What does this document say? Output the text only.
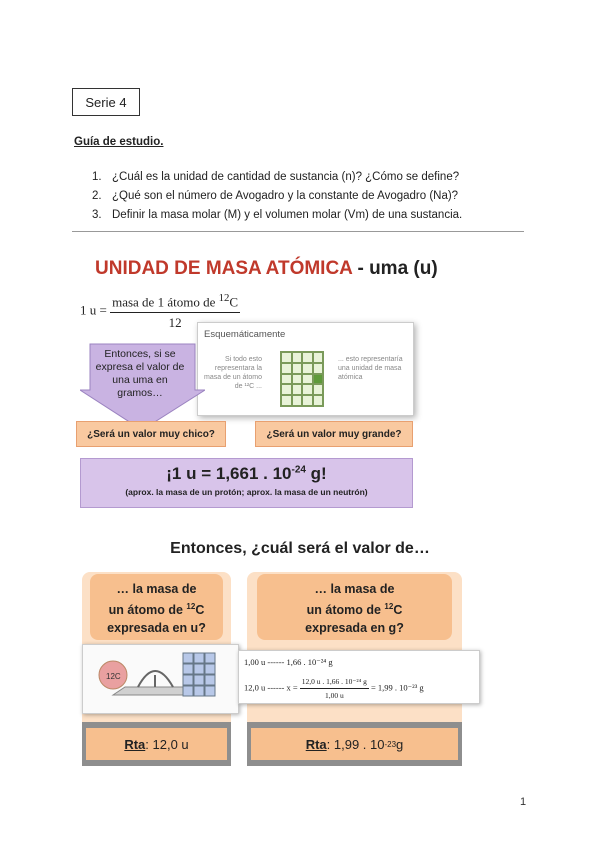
Serie 4
Guía de estudio.
1. ¿Cuál es la unidad de cantidad de sustancia (n)? ¿Cómo se define?
2. ¿Qué son el número de Avogadro y la constante de Avogadro (Na)?
3. Definir la masa molar (M) y el volumen molar (Vm) de una sustancia.
UNIDAD DE MASA ATÓMICA - uma (u)
1 $u = \frac{masa de 1 átomo de ^{12}C}{12}$
Esquemáticamente
Si todo esto representara la masa de un átomo de ¹²C ...
... esto representaría una unidad de masa atómica
Entonces, si se expresa el valor de una uma en gramos…
¿Será un valor muy chico?	¿Será un valor muy grande?
¡1 u = 1,661 . $10^{-24}$ g!
(aprox. la masa de un protón; aprox. la masa de un neutrón)
Entonces, ¿cuál será el valor de…
… la masa de
un átomo de $^{12}$C
expresada en u?
12C
Rta : 12,0 u
… la masa de
un átomo de $^{12}$C
expresada en g?
1,00 u ------ 1,66 . 10⁻²⁴ g
12,0 u ------ $x = \frac{\text{12,0 u . 1,66 . 10⁻²⁴ g}}{1,00 u} = 1,99$ . 10⁻²³ g
Rta : 1,99 . 10 -23 g
1
